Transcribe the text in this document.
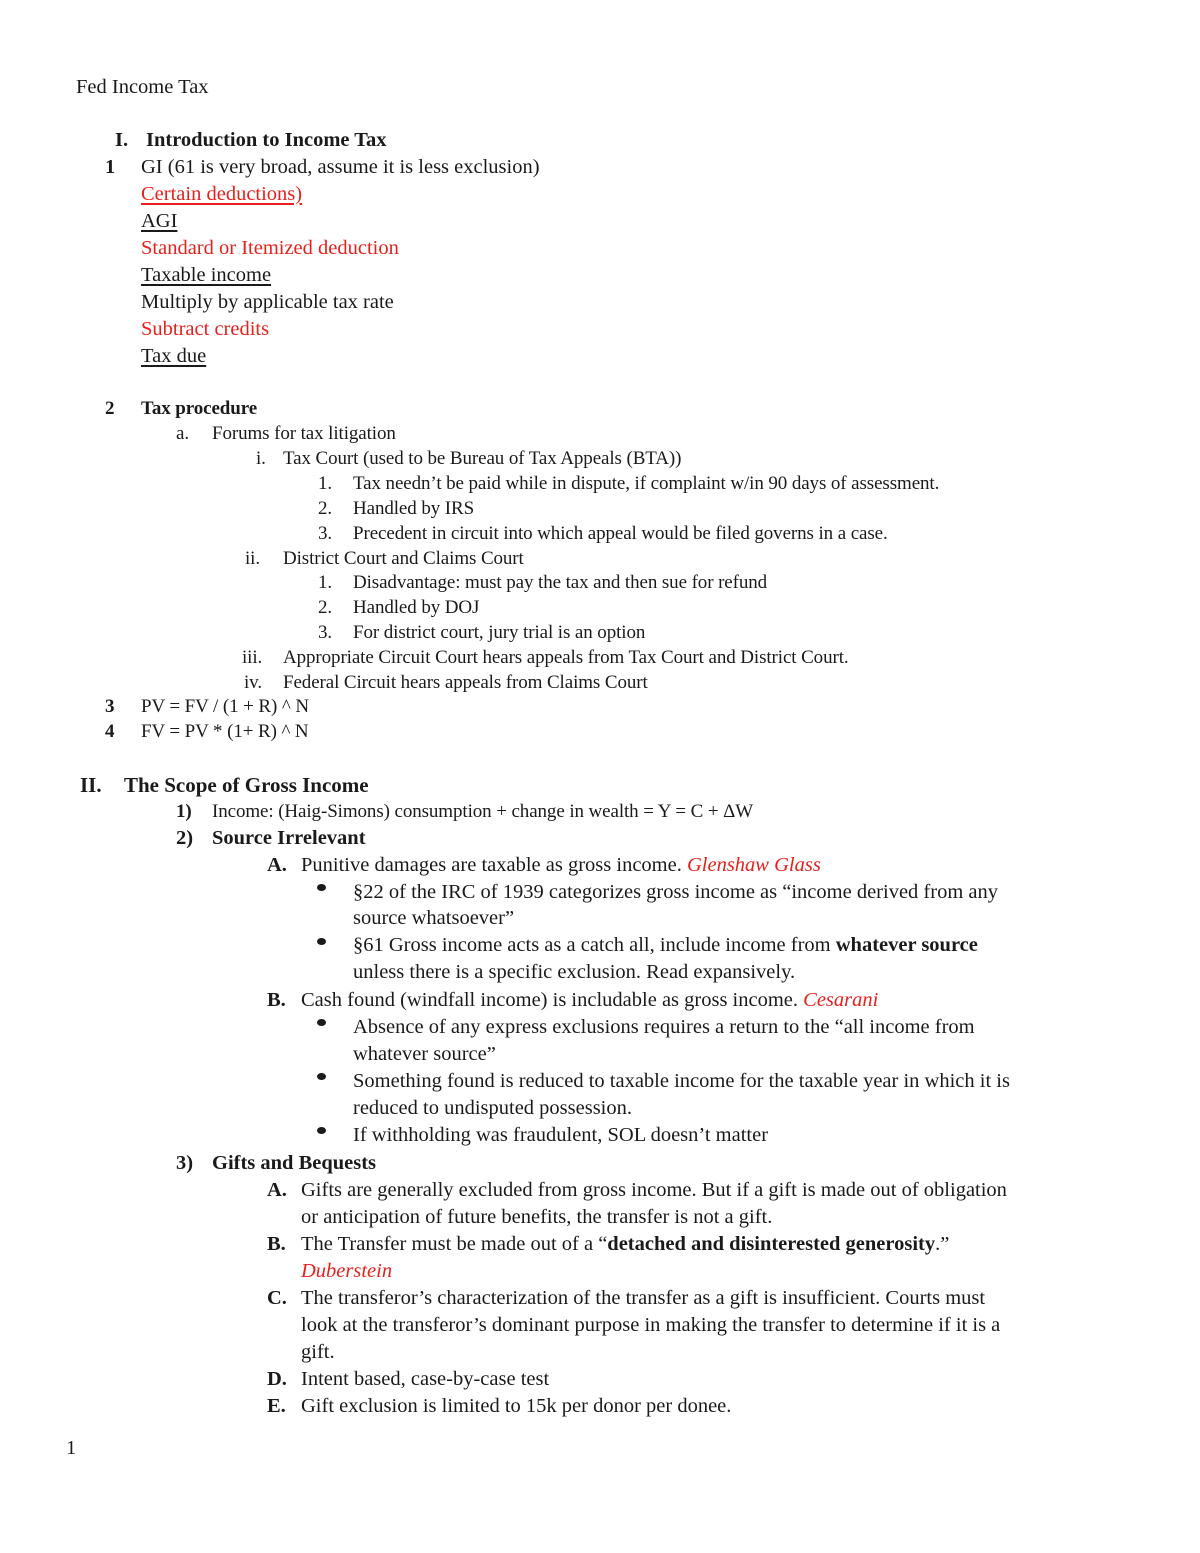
Fed Income Tax
I. Introduction to Income Tax
1 GI (61 is very broad, assume it is less exclusion)
Certain deductions)
AGI
Standard or Itemized deduction
Taxable income
Multiply by applicable tax rate
Subtract credits
Tax due
2 Tax procedure
a. Forums for tax litigation
i. Tax Court (used to be Bureau of Tax Appeals (BTA))
1. Tax needn’t be paid while in dispute, if complaint w/in 90 days of assessment.
2. Handled by IRS
3. Precedent in circuit into which appeal would be filed governs in a case.
ii. District Court and Claims Court
1. Disadvantage: must pay the tax and then sue for refund
2. Handled by DOJ
3. For district court, jury trial is an option
iii. Appropriate Circuit Court hears appeals from Tax Court and District Court.
iv. Federal Circuit hears appeals from Claims Court
3 PV = FV / (1 + R) ^ N
4 FV = PV * (1+ R) ^ N
II. The Scope of Gross Income
1) Income: (Haig-Simons) consumption + change in wealth = Y = C + ΔW
2) Source Irrelevant
A. Punitive damages are taxable as gross income. Glenshaw Glass
§22 of the IRC of 1939 categorizes gross income as “income derived from any
source whatsoever”
§61 Gross income acts as a catch all, include income from whatever source
unless there is a specific exclusion. Read expansively.
B. Cash found (windfall income) is includable as gross income. Cesarani
Absence of any express exclusions requires a return to the “all income from
whatever source”
Something found is reduced to taxable income for the taxable year in which it is
reduced to undisputed possession.
If withholding was fraudulent, SOL doesn’t matter
3) Gifts and Bequests
A. Gifts are generally excluded from gross income. But if a gift is made out of obligation
or anticipation of future benefits, the transfer is not a gift.
B. The Transfer must be made out of a “detached and disinterested generosity.”
Duberstein
C. The transferor’s characterization of the transfer as a gift is insufficient. Courts must
look at the transferor’s dominant purpose in making the transfer to determine if it is a
gift.
D. Intent based, case-by-case test
E. Gift exclusion is limited to 15k per donor per donee.
1
